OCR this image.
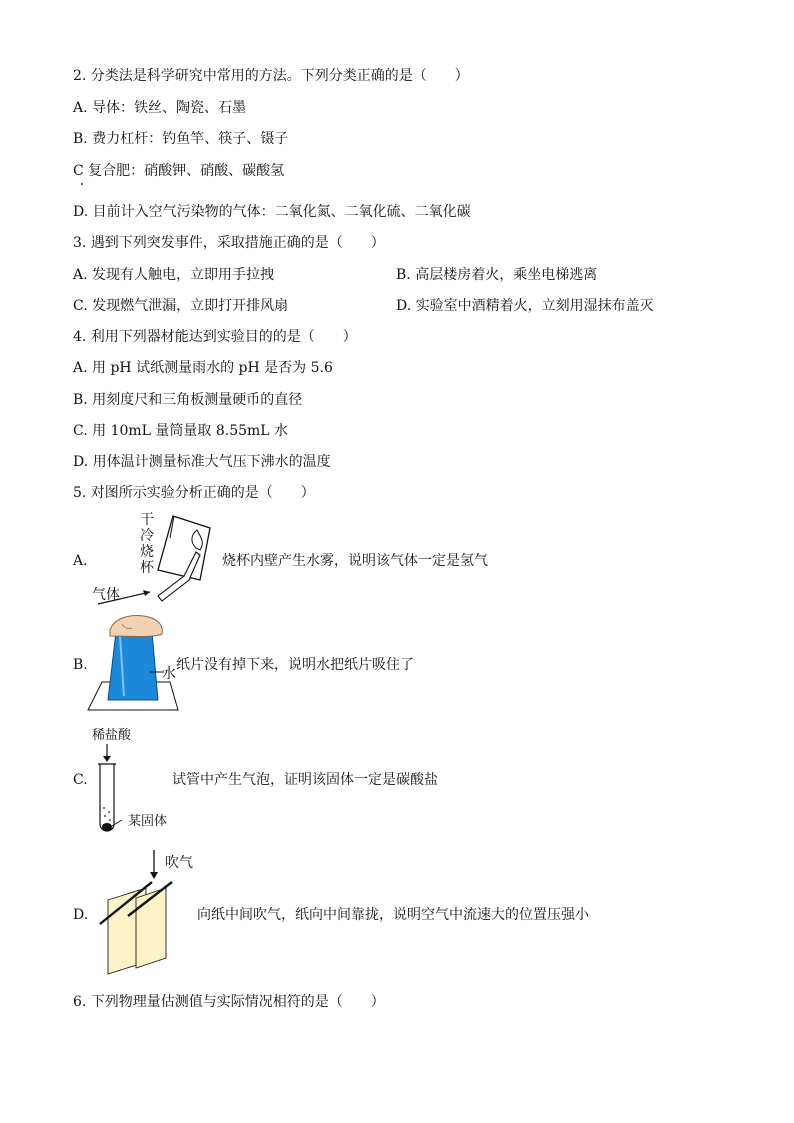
2. 分类法是科学研究中常用的方法。下列分类正确的是（　　）
A. 导体：铁丝、陶瓷、石墨
B. 费力杠杆：钓鱼竿、筷子、镊子
C 复合肥：硝酸钾、硝酸、碳酸氢
D. 目前计入空气污染物的气体：二氧化氮、二氧化硫、二氧化碳
3. 遇到下列突发事件，采取措施正确的是（　　）
A. 发现有人触电，立即用手拉拽	B. 高层楼房着火，乘坐电梯逃离
C. 发现燃气泄漏，立即打开排风扇	D. 实验室中酒精着火，立刻用湿抹布盖灭
4. 利用下列器材能达到实验目的的是（　　）
A. 用 pH 试纸测量雨水的 pH 是否为 5.6
B. 用刻度尺和三角板测量硬币的直径
C. 用 10mL 量筒量取 8.55mL 水
D. 用体温计测量标准大气压下沸水的温度
5. 对图所示实验分析正确的是（　　）
A.
干
冷
烧
杯
气体
烧杯内壁产生水雾，说明该气体一定是氢气
B.
水
纸片没有掉下来，说明水把纸片吸住了
C.
稀盐酸
某固体
试管中产生气泡，证明该固体一定是碳酸盐
D.
吹气
向纸中间吹气，纸向中间靠拢，说明空气中流速大的位置压强小
6. 下列物理量估测值与实际情况相符的是（　　）
